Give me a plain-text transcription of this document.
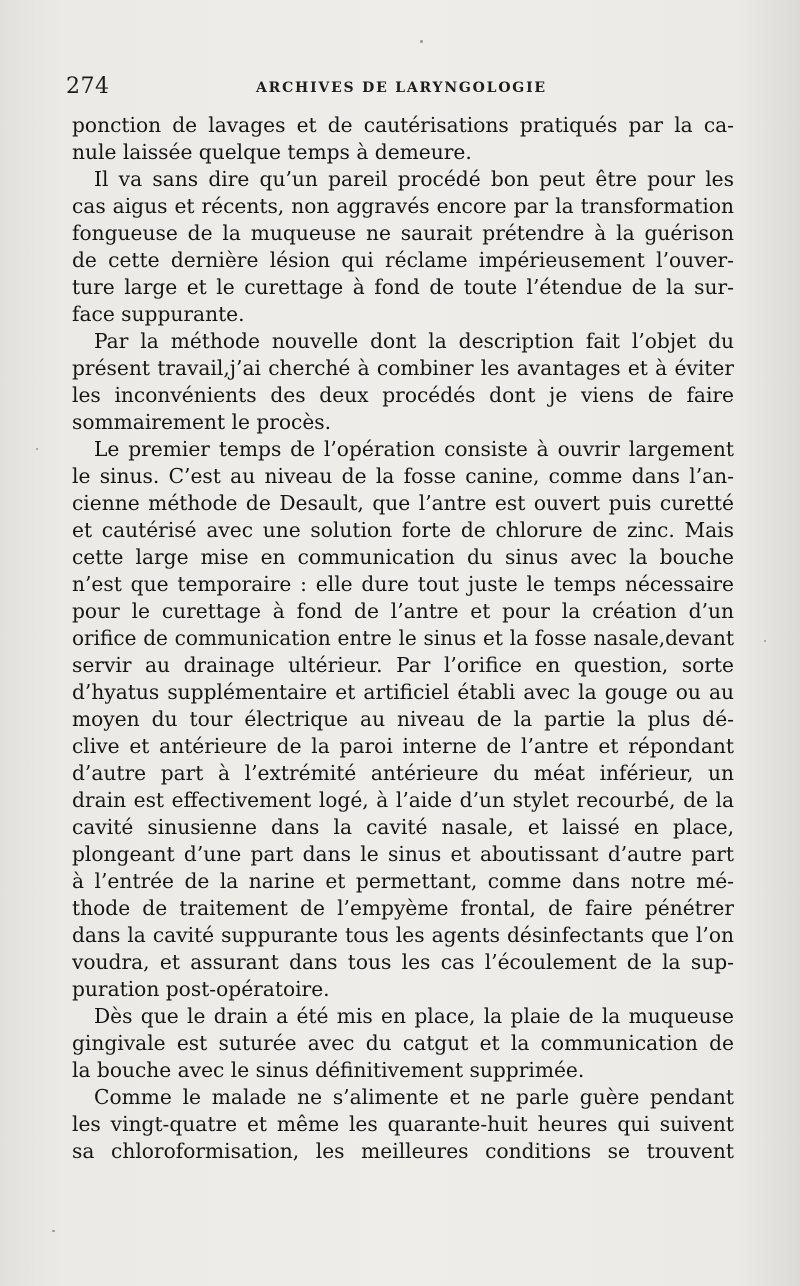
274	ARCHIVES DE LARYNGOLOGIE
ponction de lavages et de cautérisations pratiqués par la ca-
nule laissée quelque temps à demeure.
Il va sans dire qu’un pareil procédé bon peut être pour les
cas aigus et récents, non aggravés encore par la transformation
fongueuse de la muqueuse ne saurait prétendre à la guérison
de cette dernière lésion qui réclame impérieusement l’ouver-
ture large et le curettage à fond de toute l’étendue de la sur-
face suppurante.
Par la méthode nouvelle dont la description fait l’objet du
présent travail,j’ai cherché à combiner les avantages et à éviter
les inconvénients des deux procédés dont je viens de faire
sommairement le procès.
Le premier temps de l’opération consiste à ouvrir largement
le sinus. C’est au niveau de la fosse canine, comme dans l’an-
cienne méthode de Desault, que l’antre est ouvert puis curetté
et cautérisé avec une solution forte de chlorure de zinc. Mais
cette large mise en communication du sinus avec la bouche
n’est que temporaire : elle dure tout juste le temps nécessaire
pour le curettage à fond de l’antre et pour la création d’un
orifice de communication entre le sinus et la fosse nasale,devant
servir au drainage ultérieur. Par l’orifice en question, sorte
d’hyatus supplémentaire et artificiel établi avec la gouge ou au
moyen du tour électrique au niveau de la partie la plus dé-
clive et antérieure de la paroi interne de l’antre et répondant
d’autre part à l’extrémité antérieure du méat inférieur, un
drain est effectivement logé, à l’aide d’un stylet recourbé, de la
cavité sinusienne dans la cavité nasale, et laissé en place,
plongeant d’une part dans le sinus et aboutissant d’autre part
à l’entrée de la narine et permettant, comme dans notre mé-
thode de traitement de l’empyème frontal, de faire pénétrer
dans la cavité suppurante tous les agents désinfectants que l’on
voudra, et assurant dans tous les cas l’écoulement de la sup-
puration post-opératoire.
Dès que le drain a été mis en place, la plaie de la muqueuse
gingivale est suturée avec du catgut et la communication de
la bouche avec le sinus définitivement supprimée.
Comme le malade ne s’alimente et ne parle guère pendant
les vingt-quatre et même les quarante-huit heures qui suivent
sa chloroformisation, les meilleures conditions se trouvent
